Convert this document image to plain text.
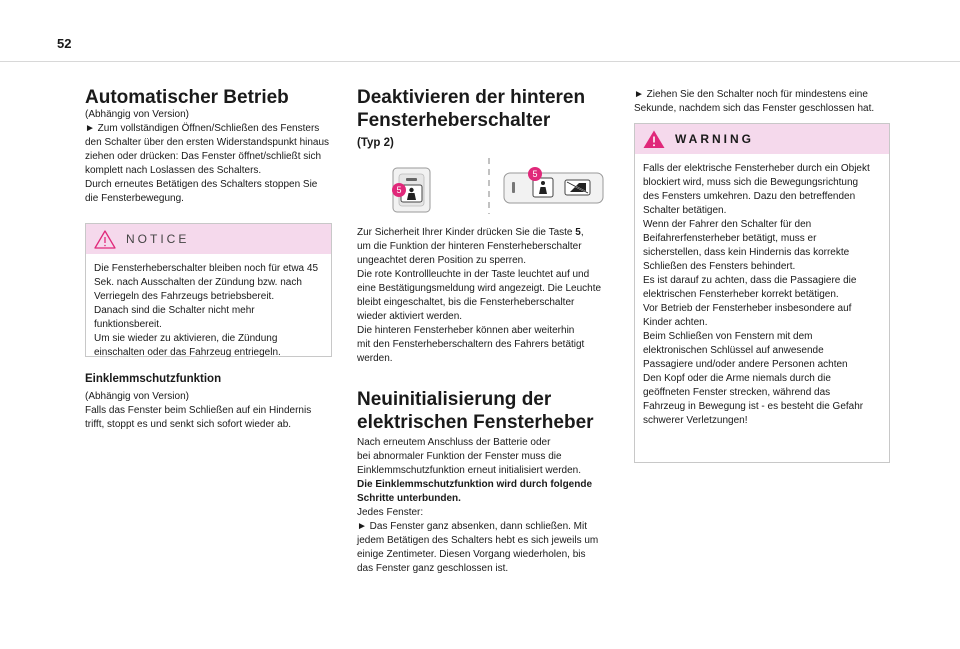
52
Automatischer Betrieb

(Abhängig von Version)

► Zum vollständigen Öffnen/Schließen des Fensters

den Schalter über den ersten Widerstandspunkt hinaus

ziehen oder drücken: Das Fenster öffnet/schließt sich

komplett nach Loslassen des Schalters.

Durch erneutes Betätigen des Schalters stoppen Sie

die Fensterbewegung.

NOTICE

Die Fensterheberschalter bleiben noch für etwa 45

Sek. nach Ausschalten der Zündung bzw. nach

Verriegeln des Fahrzeugs betriebsbereit.

Danach sind die Schalter nicht mehr funktionsbereit.

Um sie wieder zu aktivieren, die Zündung

einschalten oder das Fahrzeug entriegeln.

Einklemmschutzfunktion

(Abhängig von Version)

Falls das Fenster beim Schließen auf ein Hindernis

trifft, stoppt es und senkt sich sofort wieder ab.

Deaktivieren der hinteren
Fensterheberschalter
(Typ 2)
5
5

Zur Sicherheit Ihrer Kinder drücken Sie die Taste 5,

um die Funktion der hinteren Fensterheberschalter

ungeachtet deren Position zu sperren.

Die rote Kontrollleuchte in der Taste leuchtet auf und

eine Bestätigungsmeldung wird angezeigt. Die Leuchte

bleibt eingeschaltet, bis die Fensterheberschalter

wieder aktiviert werden.

Die hinteren Fensterheber können aber weiterhin

mit den Fensterheberschaltern des Fahrers betätigt

werden.

Neuinitialisierung der
elektrischen Fensterheber

Nach erneutem Anschluss der Batterie oder

bei abnormaler Funktion der Fenster muss die

Einklemmschutzfunktion erneut initialisiert werden.

Die Einklemmschutzfunktion wird durch folgende

Schritte unterbunden.

Jedes Fenster:

► Das Fenster ganz absenken, dann schließen. Mit

jedem Betätigen des Schalters hebt es sich jeweils um

einige Zentimeter. Diesen Vorgang wiederholen, bis

das Fenster ganz geschlossen ist.

► Ziehen Sie den Schalter noch für mindestens eine

Sekunde, nachdem sich das Fenster geschlossen hat.

WARNING

Falls der elektrische Fensterheber durch ein Objekt

blockiert wird, muss sich die Bewegungsrichtung

des Fensters umkehren. Dazu den betreffenden

Schalter betätigen.

Wenn der Fahrer den Schalter für den

Beifahrerfensterheber betätigt, muss er

sicherstellen, dass kein Hindernis das korrekte

Schließen des Fensters behindert.

Es ist darauf zu achten, dass die Passagiere die

elektrischen Fensterheber korrekt betätigen.

Vor Betrieb der Fensterheber insbesondere auf

Kinder achten.

Beim Schließen von Fenstern mit dem

elektronischen Schlüssel auf anwesende

Passagiere und/oder andere Personen achten

Den Kopf oder die Arme niemals durch die

geöffneten Fenster strecken, während das

Fahrzeug in Bewegung ist - es besteht die Gefahr

schwerer Verletzungen!
